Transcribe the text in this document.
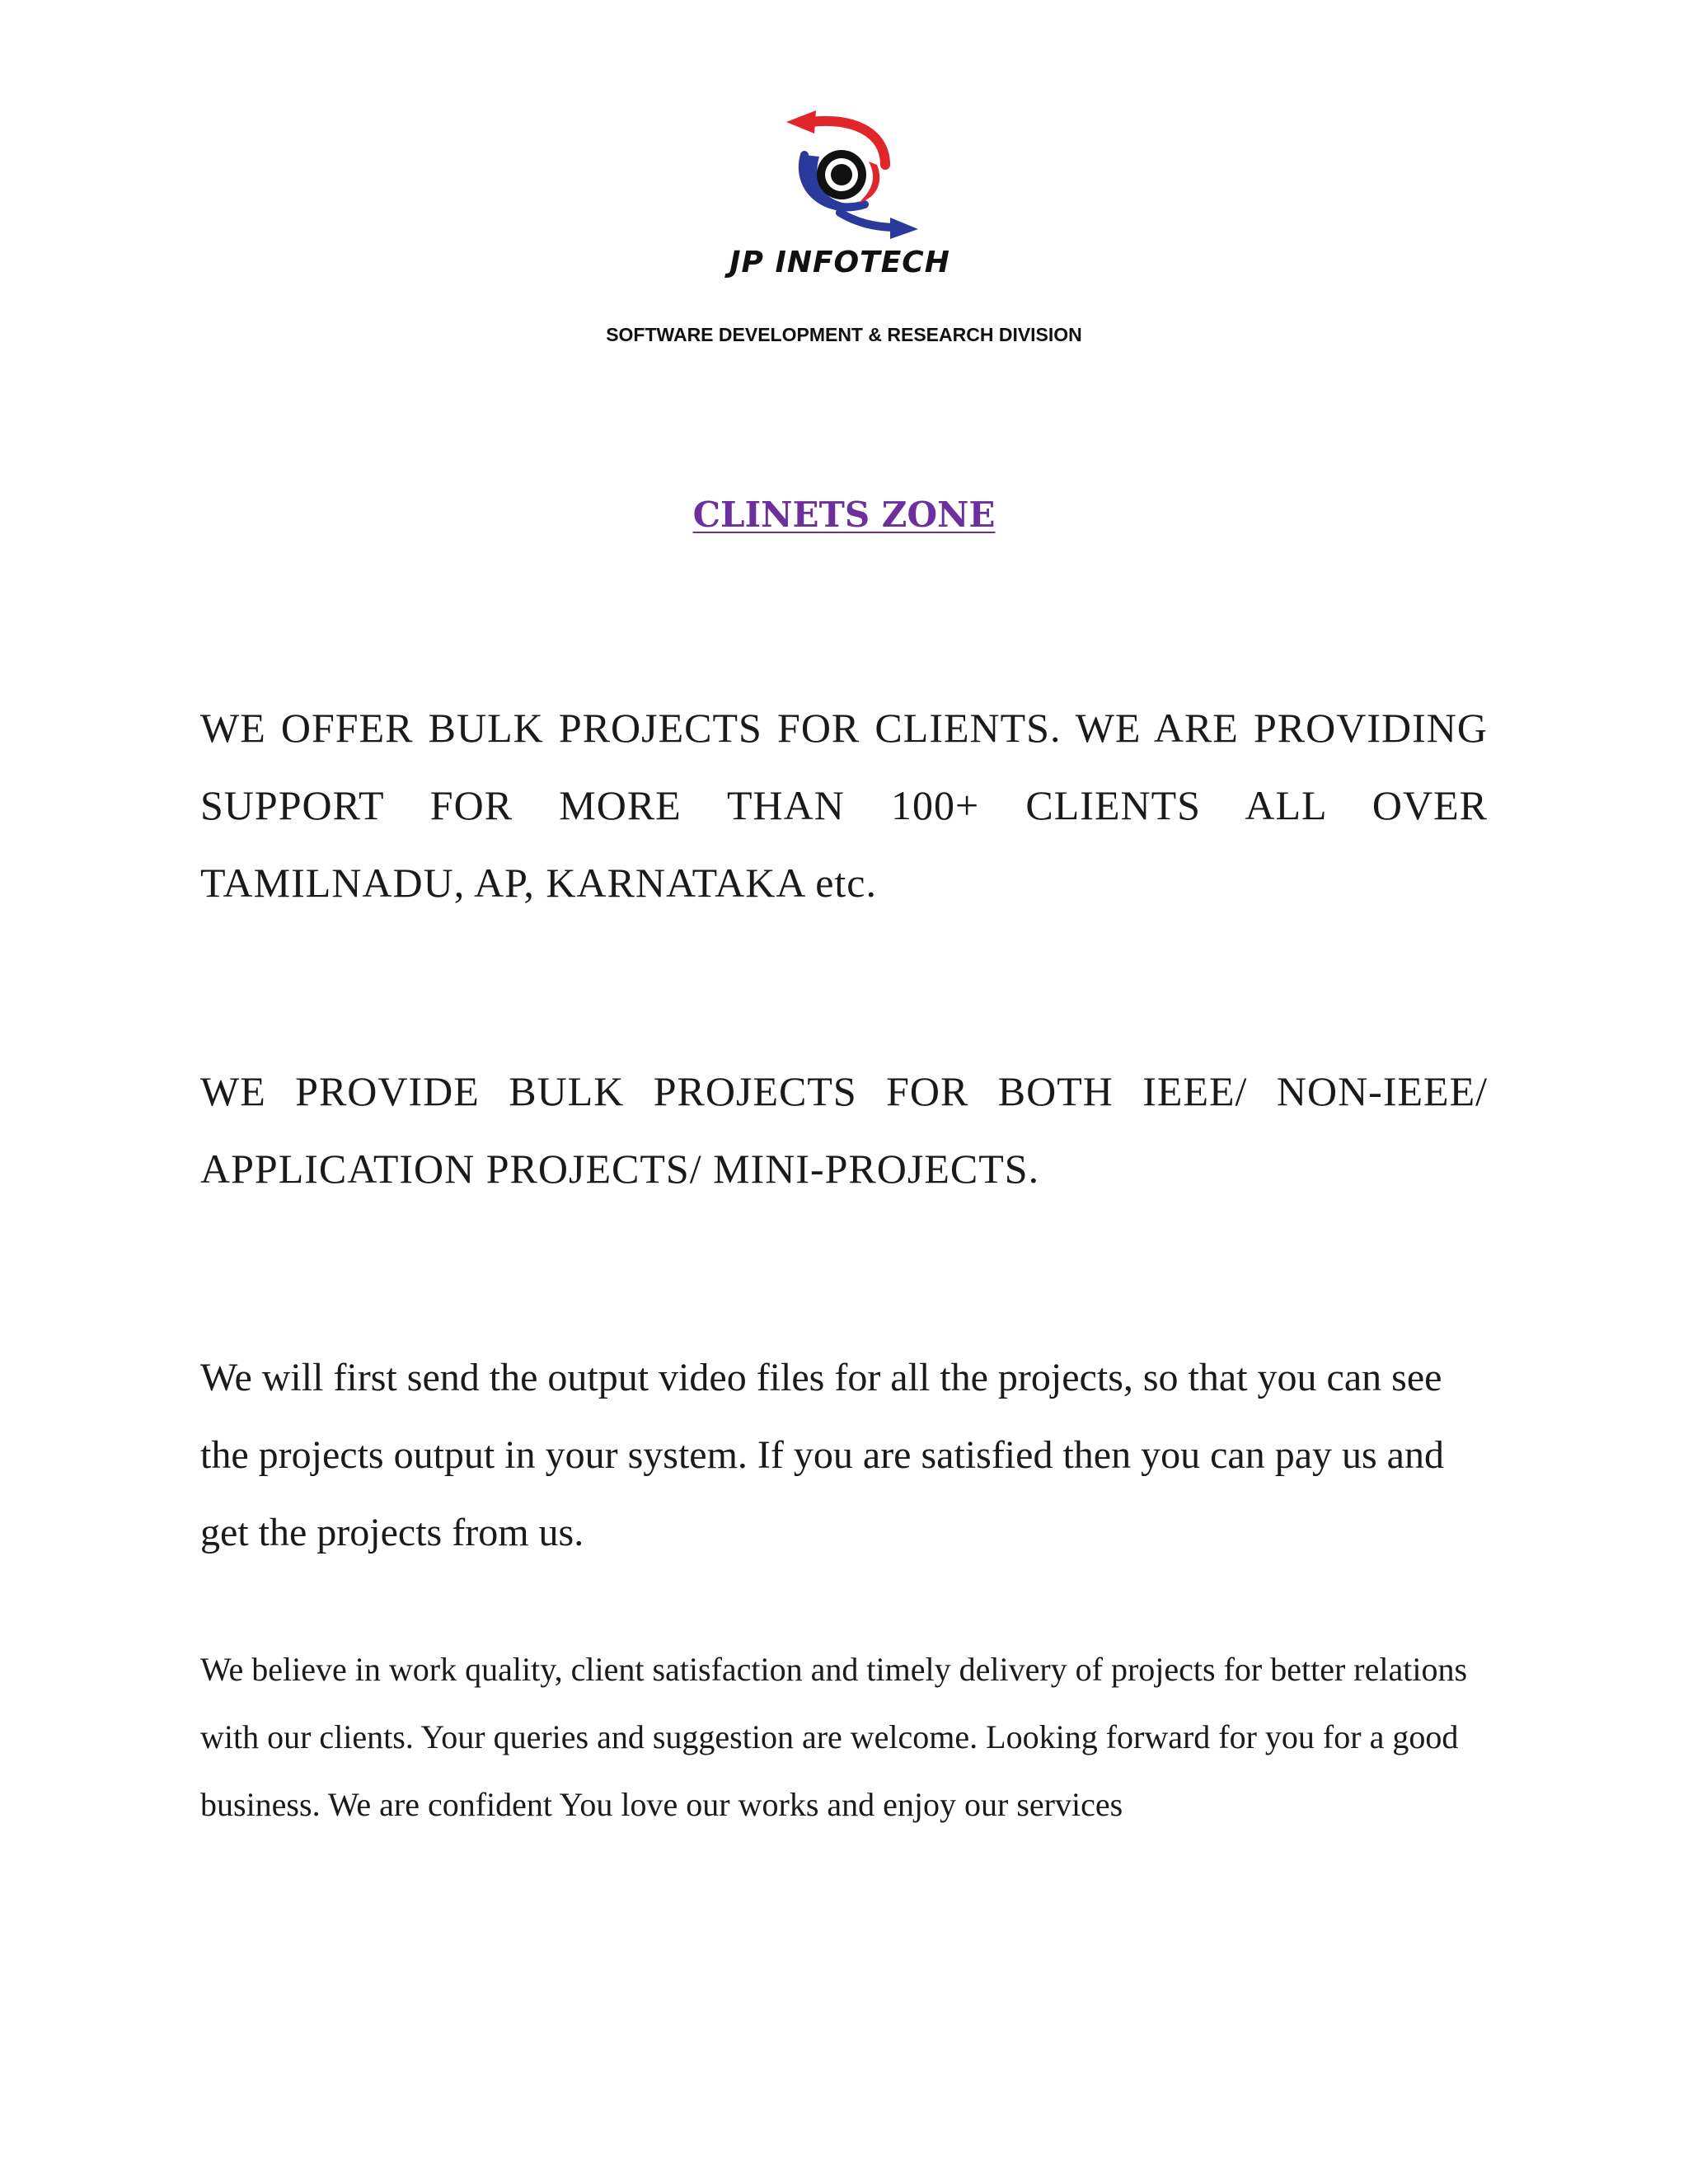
JP INFOTECH
SOFTWARE DEVELOPMENT & RESEARCH DIVISION
CLINETS ZONE

WE OFFER BULK PROJECTS FOR CLIENTS. WE ARE PROVIDING SUPPORT FOR MORE THAN 100+ CLIENTS ALL OVER TAMILNADU, AP, KARNATAKA etc.

WE PROVIDE BULK PROJECTS FOR BOTH IEEE/ NON-IEEE/ APPLICATION PROJECTS/ MINI-PROJECTS.

We will first send the output video files for all the projects, so that you can see the projects output in your system. If you are satisfied then you can pay us and get the projects from us.

We believe in work quality, client satisfaction and timely delivery of projects for better relations with our clients. Your queries and suggestion are welcome. Looking forward for you for a good business. We are confident You love our works and enjoy our services
